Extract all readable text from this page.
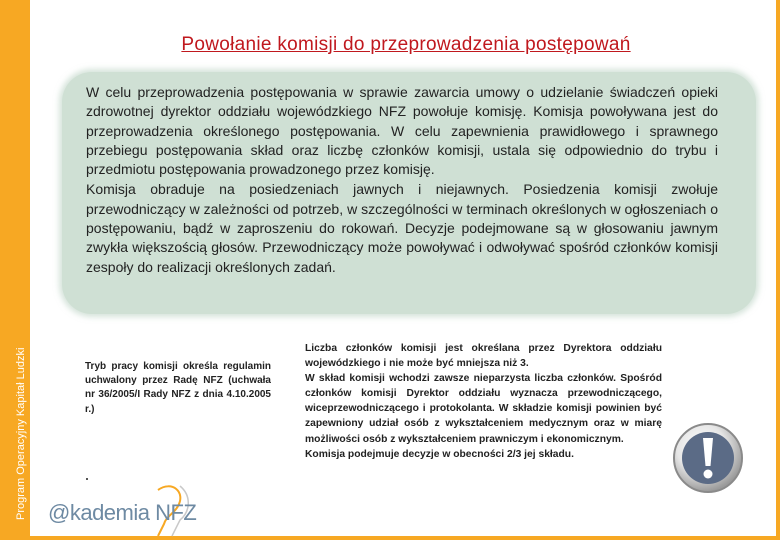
Program Operacyjny Kapitał Ludzki
Powołanie komisji do przeprowadzenia postępowań

W celu przeprowadzenia postępowania w sprawie zawarcia umowy o udzielanie świadczeń opieki zdrowotnej dyrektor oddziału wojewódzkiego NFZ powołuje komisję. Komisja powoływana jest do przeprowadzenia określonego postępowania. W celu zapewnienia prawidłowego i sprawnego przebiegu postępowania skład oraz liczbę członków komisji, ustala się odpowiednio do trybu i przedmiotu postępowania prowadzonego przez komisję.

Komisja obraduje na posiedzeniach jawnych i niejawnych. Posiedzenia komisji zwołuje przewodniczący w zależności od potrzeb, w szczególności w terminach określonych w ogłoszeniach o postępowaniu, bądź w zaproszeniu do rokowań. Decyzje podejmowane są w głosowaniu jawnym zwykła większością głosów. Przewodniczący może powoływać i odwoływać spośród członków komisji zespoły do realizacji określonych zadań.

Tryb pracy komisji określa regulamin uchwalony przez Radę NFZ (uchwała nr 36/2005/I Rady NFZ z dnia 4.10.2005 r.)

Liczba członków komisji jest określana przez Dyrektora oddziału wojewódzkiego i nie może być mniejsza niż 3.

W skład komisji wchodzi zawsze nieparzysta liczba członków. Spośród członków komisji Dyrektor oddziału wyznacza przewodniczącego, wiceprzewodniczącego i protokolanta. W składzie komisji powinien być zapewniony udział osób z wykształceniem medycznym oraz w miarę możliwości osób z wykształceniem prawniczym i ekonomicznym.

Komisja podejmuje decyzje w obecności 2/3 jej składu.

@kademia NFZ
